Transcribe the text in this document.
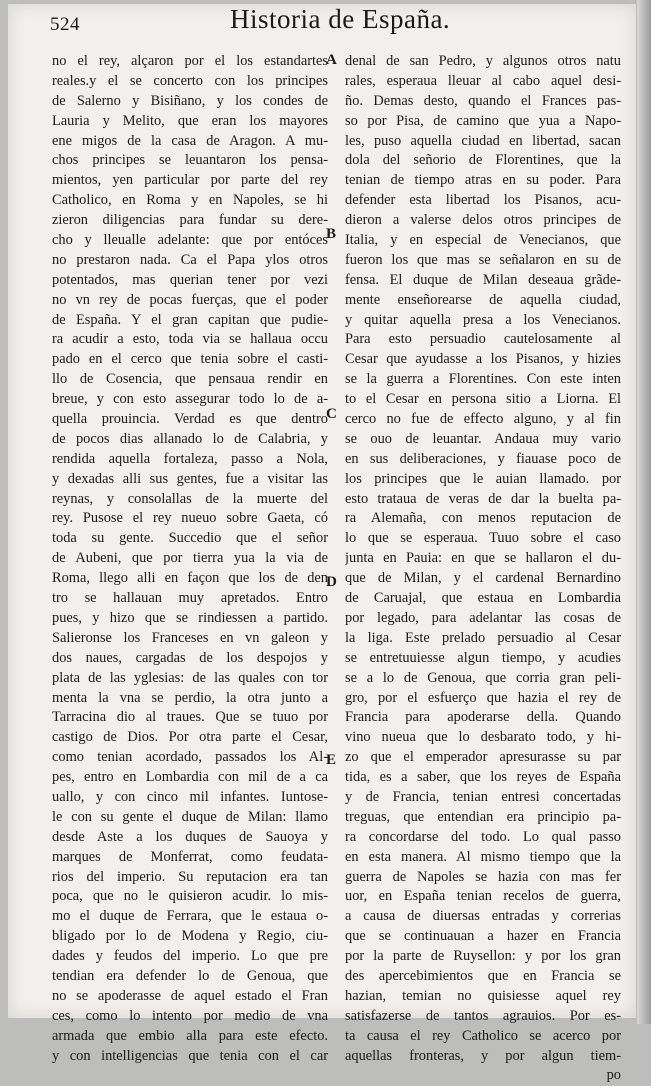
524	Historia de España.
no el rey, alçaron por el los estandartes
reales.y el se concerto con los principes
de Salerno y Bisiñano, y los condes de
Lauria y Melito, que eran los mayores
ene migos de la casa de Aragon. A mu-
chos principes se leuantaron los pensa-
mientos, yen particular por parte del rey
Catholico, en Roma y en Napoles, se hi
zieron diligencias para fundar su dere-
cho y lleualle adelante: que por entóces
no prestaron nada. Ca el Papa ylos otros
potentados, mas querian tener por vezi
no vn rey de pocas fuerças, que el poder
de España. Y el gran capitan que pudie-
ra acudir a esto, toda via se hallaua occu
pado en el cerco que tenia sobre el casti-
llo de Cosencia, que pensaua rendir en
breue, y con esto assegurar todo lo de a-
quella prouincia. Verdad es que dentro
de pocos dias allanado lo de Calabria, y
rendida aquella fortaleza, passo a Nola,
y dexadas alli sus gentes, fue a visitar las
reynas, y consolallas de la muerte del
rey. Pusose el rey nueuo sobre Gaeta, có
toda su gente. Succedio que el señor
de Aubeni, que por tierra yua la via de
Roma, llego alli en façon que los de den
tro se hallauan muy apretados. Entro
pues, y hizo que se rindiessen a partido.
Salieronse los Franceses en vn galeon y
dos naues, cargadas de los despojos y
plata de las yglesias: de las quales con tor
menta la vna se perdio, la otra junto a
Tarracina dio al traues. Que se tuuo por
castigo de Dios. Por otra parte el Cesar,
como tenian acordado, passados los Al-
pes, entro en Lombardia con mil de a ca
uallo, y con cinco mil infantes. Iuntose-
le con su gente el duque de Milan: llamo
desde Aste a los duques de Sauoya y
marques de Monferrat, como feudata-
rios del imperio. Su reputacion era tan
poca, que no le quisieron acudir. lo mis-
mo el duque de Ferrara, que le estaua o-
bligado por lo de Modena y Regio, ciu-
dades y feudos del imperio. Lo que pre
tendian era defender lo de Genoua, que
no se apoderasse de aquel estado el Fran
ces, como lo intento por medio de vna
armada que embio alla para este efecto.
y con intelligencias que tenia con el car
denal de san Pedro, y algunos otros natu
rales, esperaua lleuar al cabo aquel desi-
ño. Demas desto, quando el Frances pas-
so por Pisa, de camino que yua a Napo-
les, puso aquella ciudad en libertad, sacan
dola del señorio de Florentines, que la
tenian de tiempo atras en su poder. Para
defender esta libertad los Pisanos, acu-
dieron a valerse delos otros principes de
Italia, y en especial de Venecianos, que
fueron los que mas se señalaron en su de
fensa. El duque de Milan deseaua grãde-
mente enseñorearse de aquella ciudad,
y quitar aquella presa a los Venecianos.
Para esto persuadio cautelosamente al
Cesar que ayudasse a los Pisanos, y hizies
se la guerra a Florentines. Con este inten
to el Cesar en persona sitio a Liorna. El
cerco no fue de effecto alguno, y al fin
se ouo de leuantar. Andaua muy vario
en sus deliberaciones, y fiauase poco de
los principes que le auian llamado. por
esto trataua de veras de dar la buelta pa-
ra Alemaña, con menos reputacion de
lo que se esperaua. Tuuo sobre el caso
junta en Pauia: en que se hallaron el du-
que de Milan, y el cardenal Bernardino
de Caruajal, que estaua en Lombardia
por legado, para adelantar las cosas de
la liga. Este prelado persuadio al Cesar
se entretuuiesse algun tiempo, y acudies
se a lo de Genoua, que corria gran peli-
gro, por el esfuerço que hazia el rey de
Francia para apoderarse della. Quando
vino nueua que lo desbarato todo, y hi-
zo que el emperador apresurasse su par
tida, es a saber, que los reyes de España
y de Francia, tenian entresi concertadas
treguas, que entendian era principio pa-
ra concordarse del todo. Lo qual passo
en esta manera. Al mismo tiempo que la
guerra de Napoles se hazia con mas fer
uor, en España tenian recelos de guerra,
a causa de diuersas entradas y correrias
que se continuauan a hazer en Francia
por la parte de Ruysellon: y por los gran
des apercebimientos que en Francia se
hazian, temian no quisiesse aquel rey
satisfazerse de tantos agrauios. Por es-
ta causa el rey Catholico se acerco por
aquellas fronteras, y por algun tiem-
po
A
B
C
D
E
